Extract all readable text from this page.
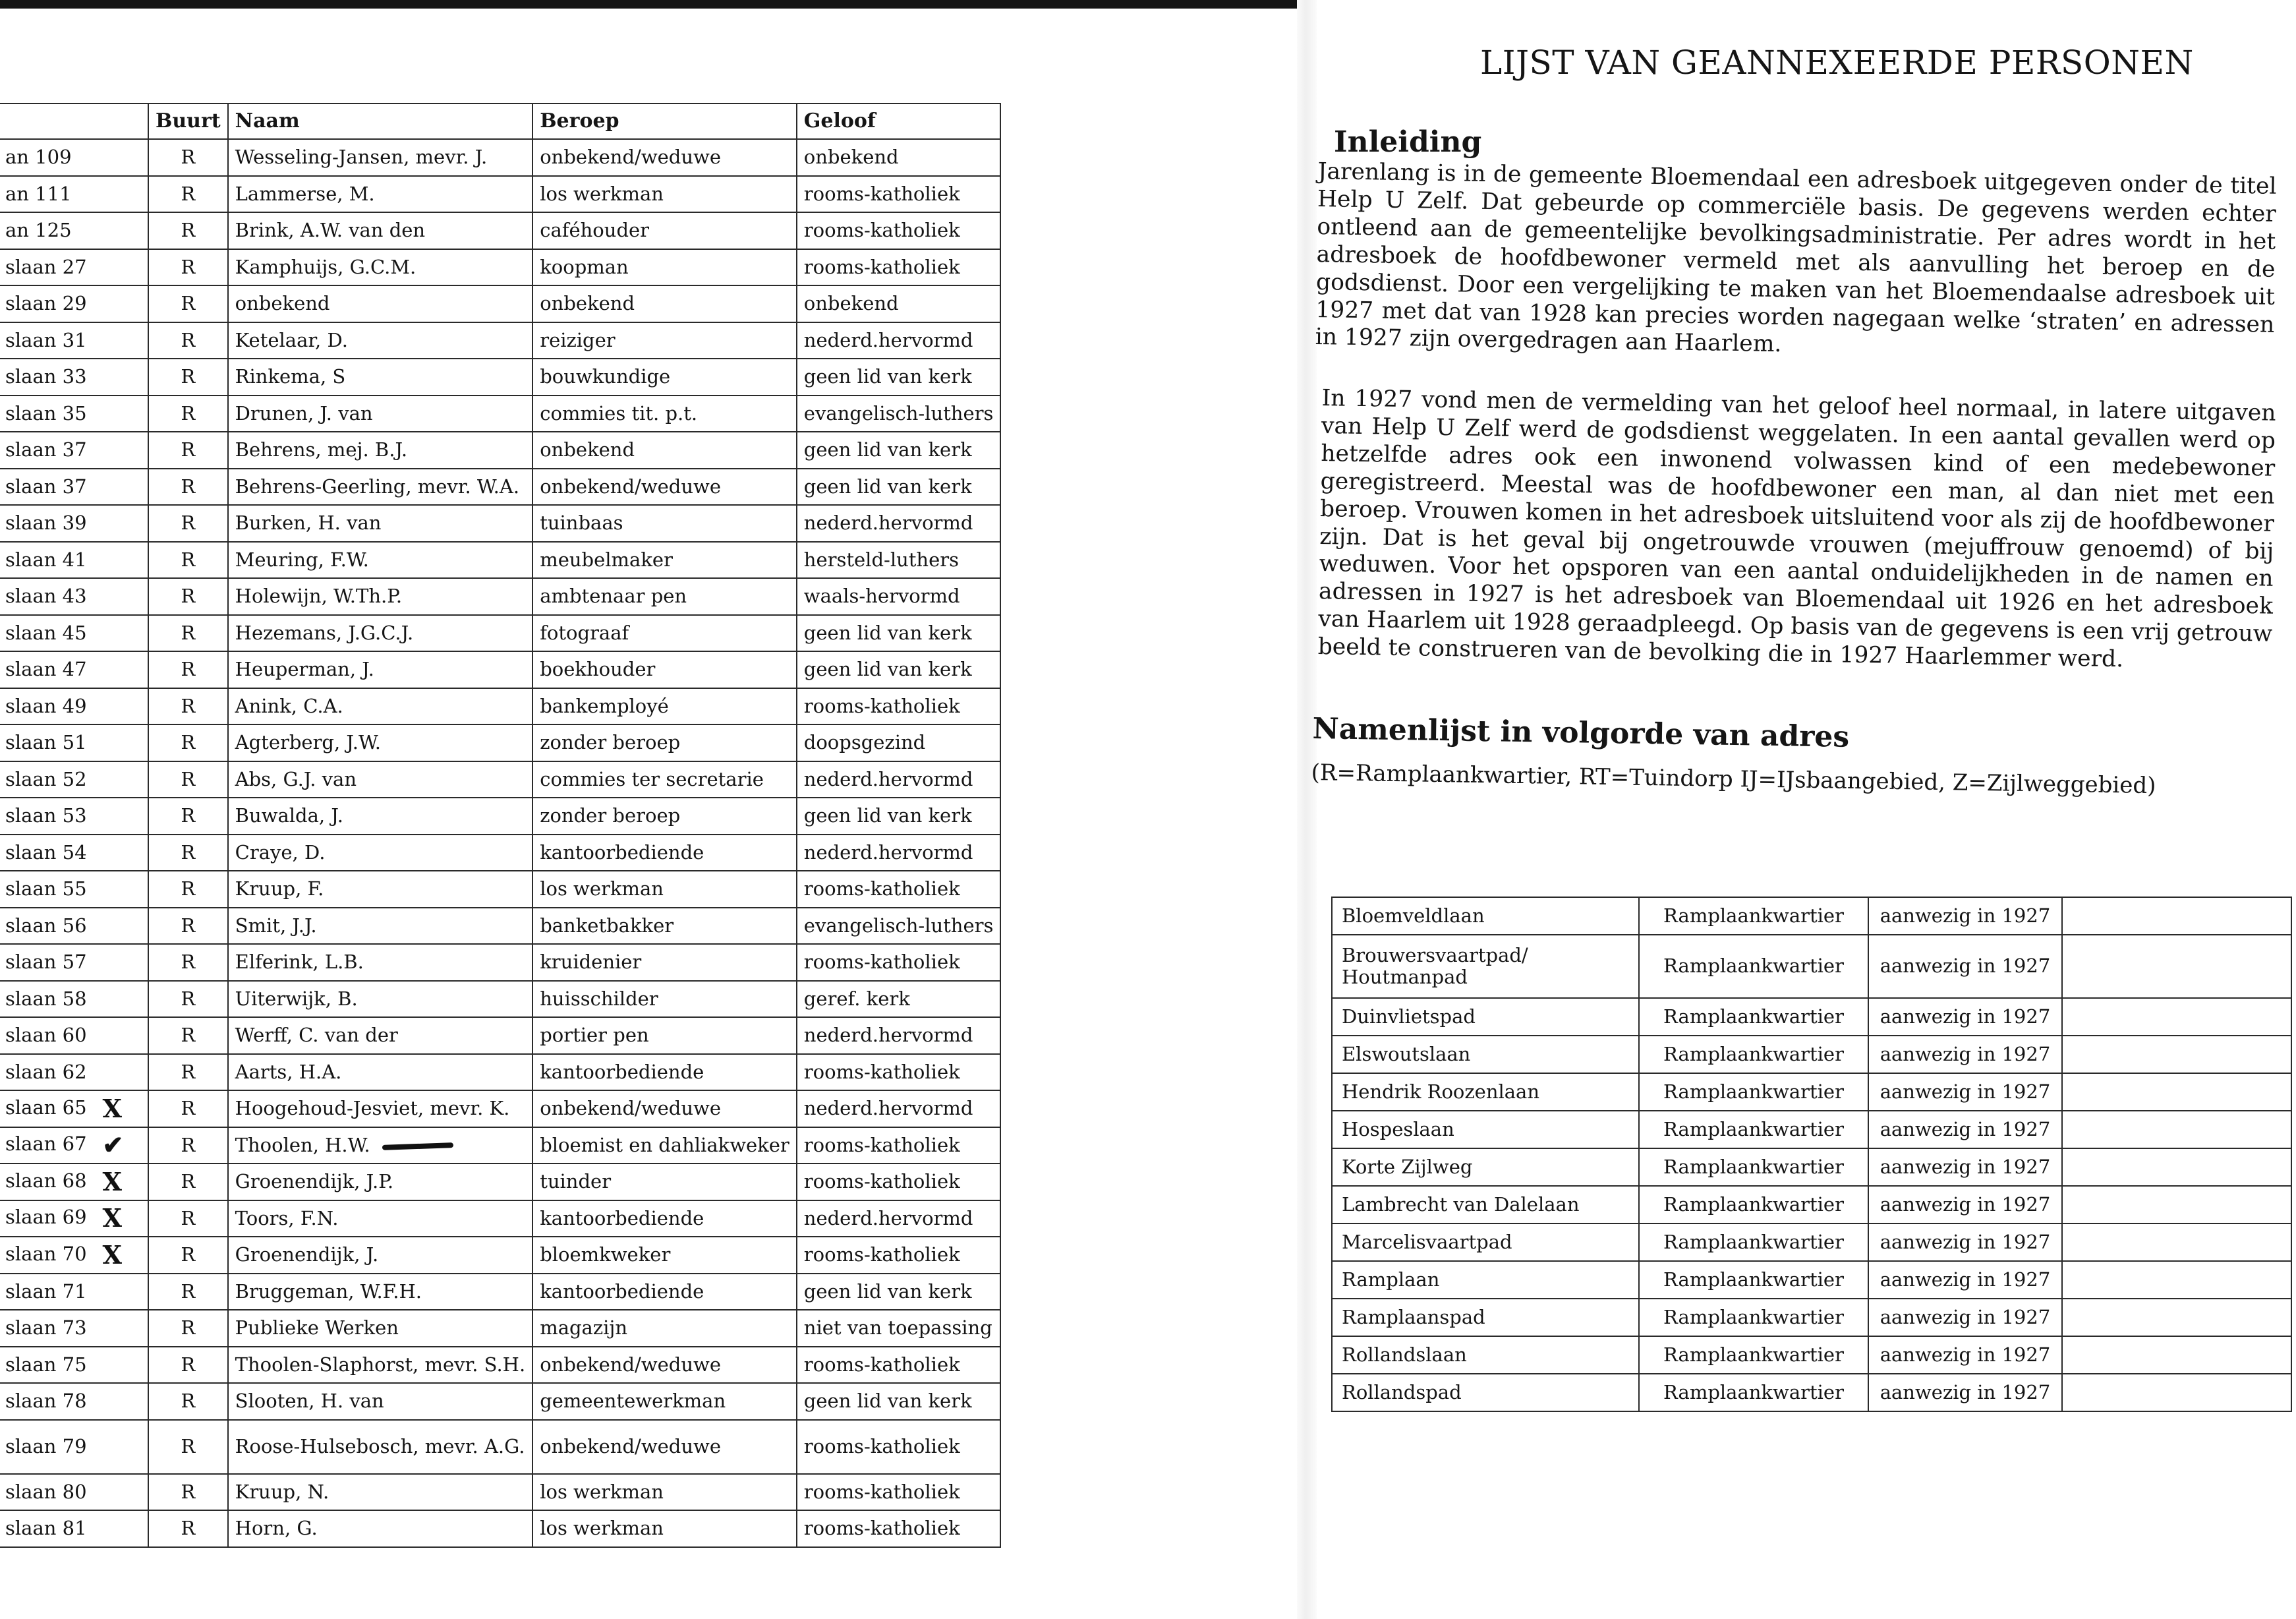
	Buurt	Naam	Beroep	Geloof
an 109	R	Wesseling-Jansen, mevr. J.	onbekend/weduwe	onbekend
an 111	R	Lammerse, M.	los werkman	rooms-katholiek
an 125	R	Brink, A.W. van den	caféhouder	rooms-katholiek
slaan 27	R	Kamphuijs, G.C.M.	koopman	rooms-katholiek
slaan 29	R	onbekend	onbekend	onbekend
slaan 31	R	Ketelaar, D.	reiziger	nederd.hervormd
slaan 33	R	Rinkema, S	bouwkundige	geen lid van kerk
slaan 35	R	Drunen, J. van	commies tit. p.t.	evangelisch-luthers
slaan 37	R	Behrens, mej. B.J.	onbekend	geen lid van kerk
slaan 37	R	Behrens-Geerling, mevr. W.A.	onbekend/weduwe	geen lid van kerk
slaan 39	R	Burken, H. van	tuinbaas	nederd.hervormd
slaan 41	R	Meuring, F.W.	meubelmaker	hersteld-luthers
slaan 43	R	Holewijn, W.Th.P.	ambtenaar pen	waals-hervormd
slaan 45	R	Hezemans, J.G.C.J.	fotograaf	geen lid van kerk
slaan 47	R	Heuperman, J.	boekhouder	geen lid van kerk
slaan 49	R	Anink, C.A.	bankemployé	rooms-katholiek
slaan 51	R	Agterberg, J.W.	zonder beroep	doopsgezind
slaan 52	R	Abs, G.J. van	commies ter secretarie	nederd.hervormd
slaan 53	R	Buwalda, J.	zonder beroep	geen lid van kerk
slaan 54	R	Craye, D.	kantoorbediende	nederd.hervormd
slaan 55	R	Kruup, F.	los werkman	rooms-katholiek
slaan 56	R	Smit, J.J.	banketbakker	evangelisch-luthers
slaan 57	R	Elferink, L.B.	kruidenier	rooms-katholiek
slaan 58	R	Uiterwijk, B.	huisschilder	geref. kerk
slaan 60	R	Werff, C. van der	portier pen	nederd.hervormd
slaan 62	R	Aarts, H.A.	kantoorbediende	rooms-katholiek
slaan 65 X	R	Hoogehoud-Jesviet, mevr. K.	onbekend/weduwe	nederd.hervormd
slaan 67 ✔	R	Thoolen, H.W.	bloemist en dahliakweker	rooms-katholiek
slaan 68 X	R	Groenendijk, J.P.	tuinder	rooms-katholiek
slaan 69 X	R	Toors, F.N.	kantoorbediende	nederd.hervormd
slaan 70 X	R	Groenendijk, J.	bloemkweker	rooms-katholiek
slaan 71	R	Bruggeman, W.F.H.	kantoorbediende	geen lid van kerk
slaan 73	R	Publieke Werken	magazijn	niet van toepassing
slaan 75	R	Thoolen-Slaphorst, mevr. S.H.	onbekend/weduwe	rooms-katholiek
slaan 78	R	Slooten, H. van	gemeentewerkman	geen lid van kerk
slaan 79	R	Roose-Hulsebosch, mevr. A.G.	onbekend/weduwe	rooms-katholiek
slaan 80	R	Kruup, N.	los werkman	rooms-katholiek
slaan 81	R	Horn, G.	los werkman	rooms-katholiek
LIJST VAN GEANNEXEERDE PERSONEN
Inleiding
Jarenlang is in de gemeente Bloemendaal een adresboek uitgegeven onder de titel Help U Zelf. Dat gebeurde op commerciële basis. De gegevens werden echter ontleend aan de gemeentelijke bevolkingsadministratie. Per adres wordt in het adresboek de hoofdbewoner vermeld met als aanvulling het beroep en de godsdienst. Door een vergelijking te maken van het Bloemendaalse adresboek uit 1927 met dat van 1928 kan precies worden nagegaan welke ‘straten’ en adressen in 1927 zijn overgedragen aan Haarlem.
In 1927 vond men de vermelding van het geloof heel normaal, in latere uitgaven van Help U Zelf werd de godsdienst weggelaten. In een aantal gevallen werd op hetzelfde adres ook een inwonend volwassen kind of een medebewoner geregistreerd. Meestal was de hoofdbewoner een man, al dan niet met een beroep. Vrouwen komen in het adresboek uitsluitend voor als zij de hoofdbewoner zijn. Dat is het geval bij ongetrouwde vrouwen (mejuffrouw genoemd) of bij weduwen. Voor het opsporen van een aantal onduidelijkheden in de namen en adressen in 1927 is het adresboek van Bloemendaal uit 1926 en het adresboek van Haarlem uit 1928 geraadpleegd. Op basis van de gegevens is een vrij getrouw beeld te construeren van de bevolking die in 1927 Haarlemmer werd.
Namenlijst in volgorde van adres
(R=Ramplaankwartier, RT=Tuindorp IJ=IJsbaangebied, Z=Zijlweggebied)
Bloemveldlaan	Ramplaankwartier	aanwezig in 1927	
Brouwersvaartpad/ Houtmanpad	Ramplaankwartier	aanwezig in 1927	
Duinvlietspad	Ramplaankwartier	aanwezig in 1927	
Elswoutslaan	Ramplaankwartier	aanwezig in 1927	
Hendrik Roozenlaan	Ramplaankwartier	aanwezig in 1927	
Hospeslaan	Ramplaankwartier	aanwezig in 1927	
Korte Zijlweg	Ramplaankwartier	aanwezig in 1927	
Lambrecht van Dalelaan	Ramplaankwartier	aanwezig in 1927	
Marcelisvaartpad	Ramplaankwartier	aanwezig in 1927	
Ramplaan	Ramplaankwartier	aanwezig in 1927	
Ramplaanspad	Ramplaankwartier	aanwezig in 1927	
Rollandslaan	Ramplaankwartier	aanwezig in 1927	
Rollandspad	Ramplaankwartier	aanwezig in 1927	
